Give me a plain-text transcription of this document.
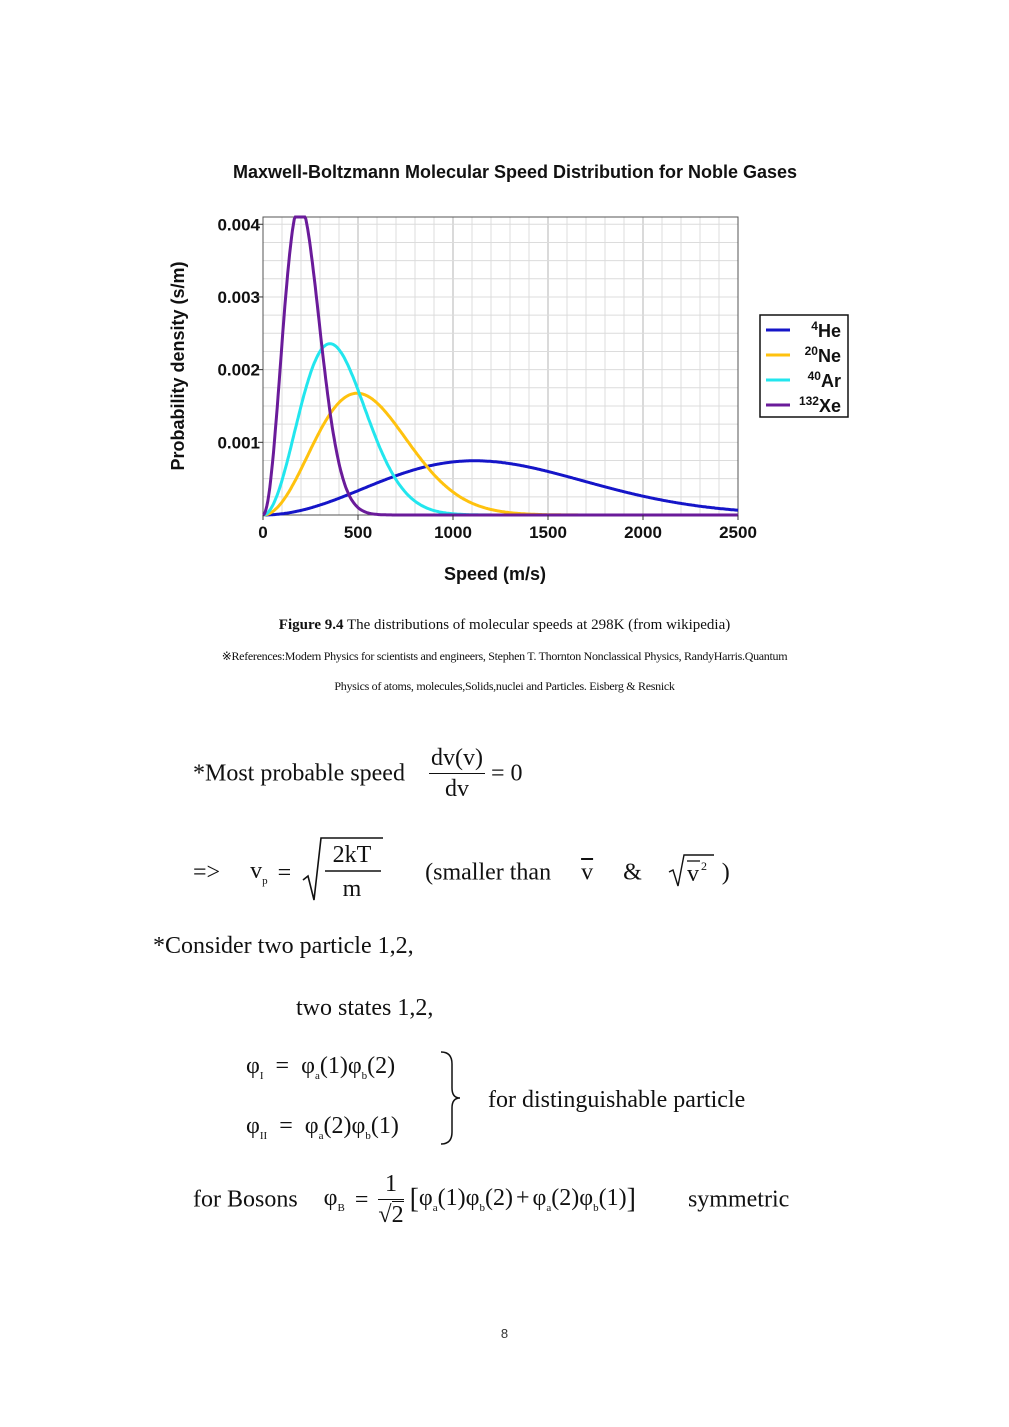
Maxwell-Boltzmann Molecular Speed Distribution for Noble Gases
0	500	1000	1500	2000	2500
0.001
0.002
0.003
0.004
Speed (m/s)
Probability density (s/m)	$^4$He
$^{20}$Ne
$^{40}$Ar
$^{132}$Xe
Figure 9.4 The distributions of molecular speeds at 298K (from wikipedia)
※References:Modern Physics for scientists and engineers, Stephen T. Thornton Nonclassical Physics, RandyHarris.Quantum
Physics of atoms, molecules,Solids,nuclei and Particles. Eisberg & Resnick
*Most probable speed $\frac{dv(v)}{dv} = 0$
=> $v_p$ =
2kT
m
(smaller than $\overline{v}$ & v 2 )
*Consider two particle 1,2,
two states 1,2,
$\varphi_I = \varphi_a(1)\varphi_b(2)$
$\varphi_{II} = \varphi_a(2)\varphi_b(1)$
for distinguishable particle
for Bosons $\varphi_B = \frac{1}{√2} [\varphi_a(1)\varphi_b(2) + \varphi_a(2)\varphi_b(1)]$ symmetric
8
